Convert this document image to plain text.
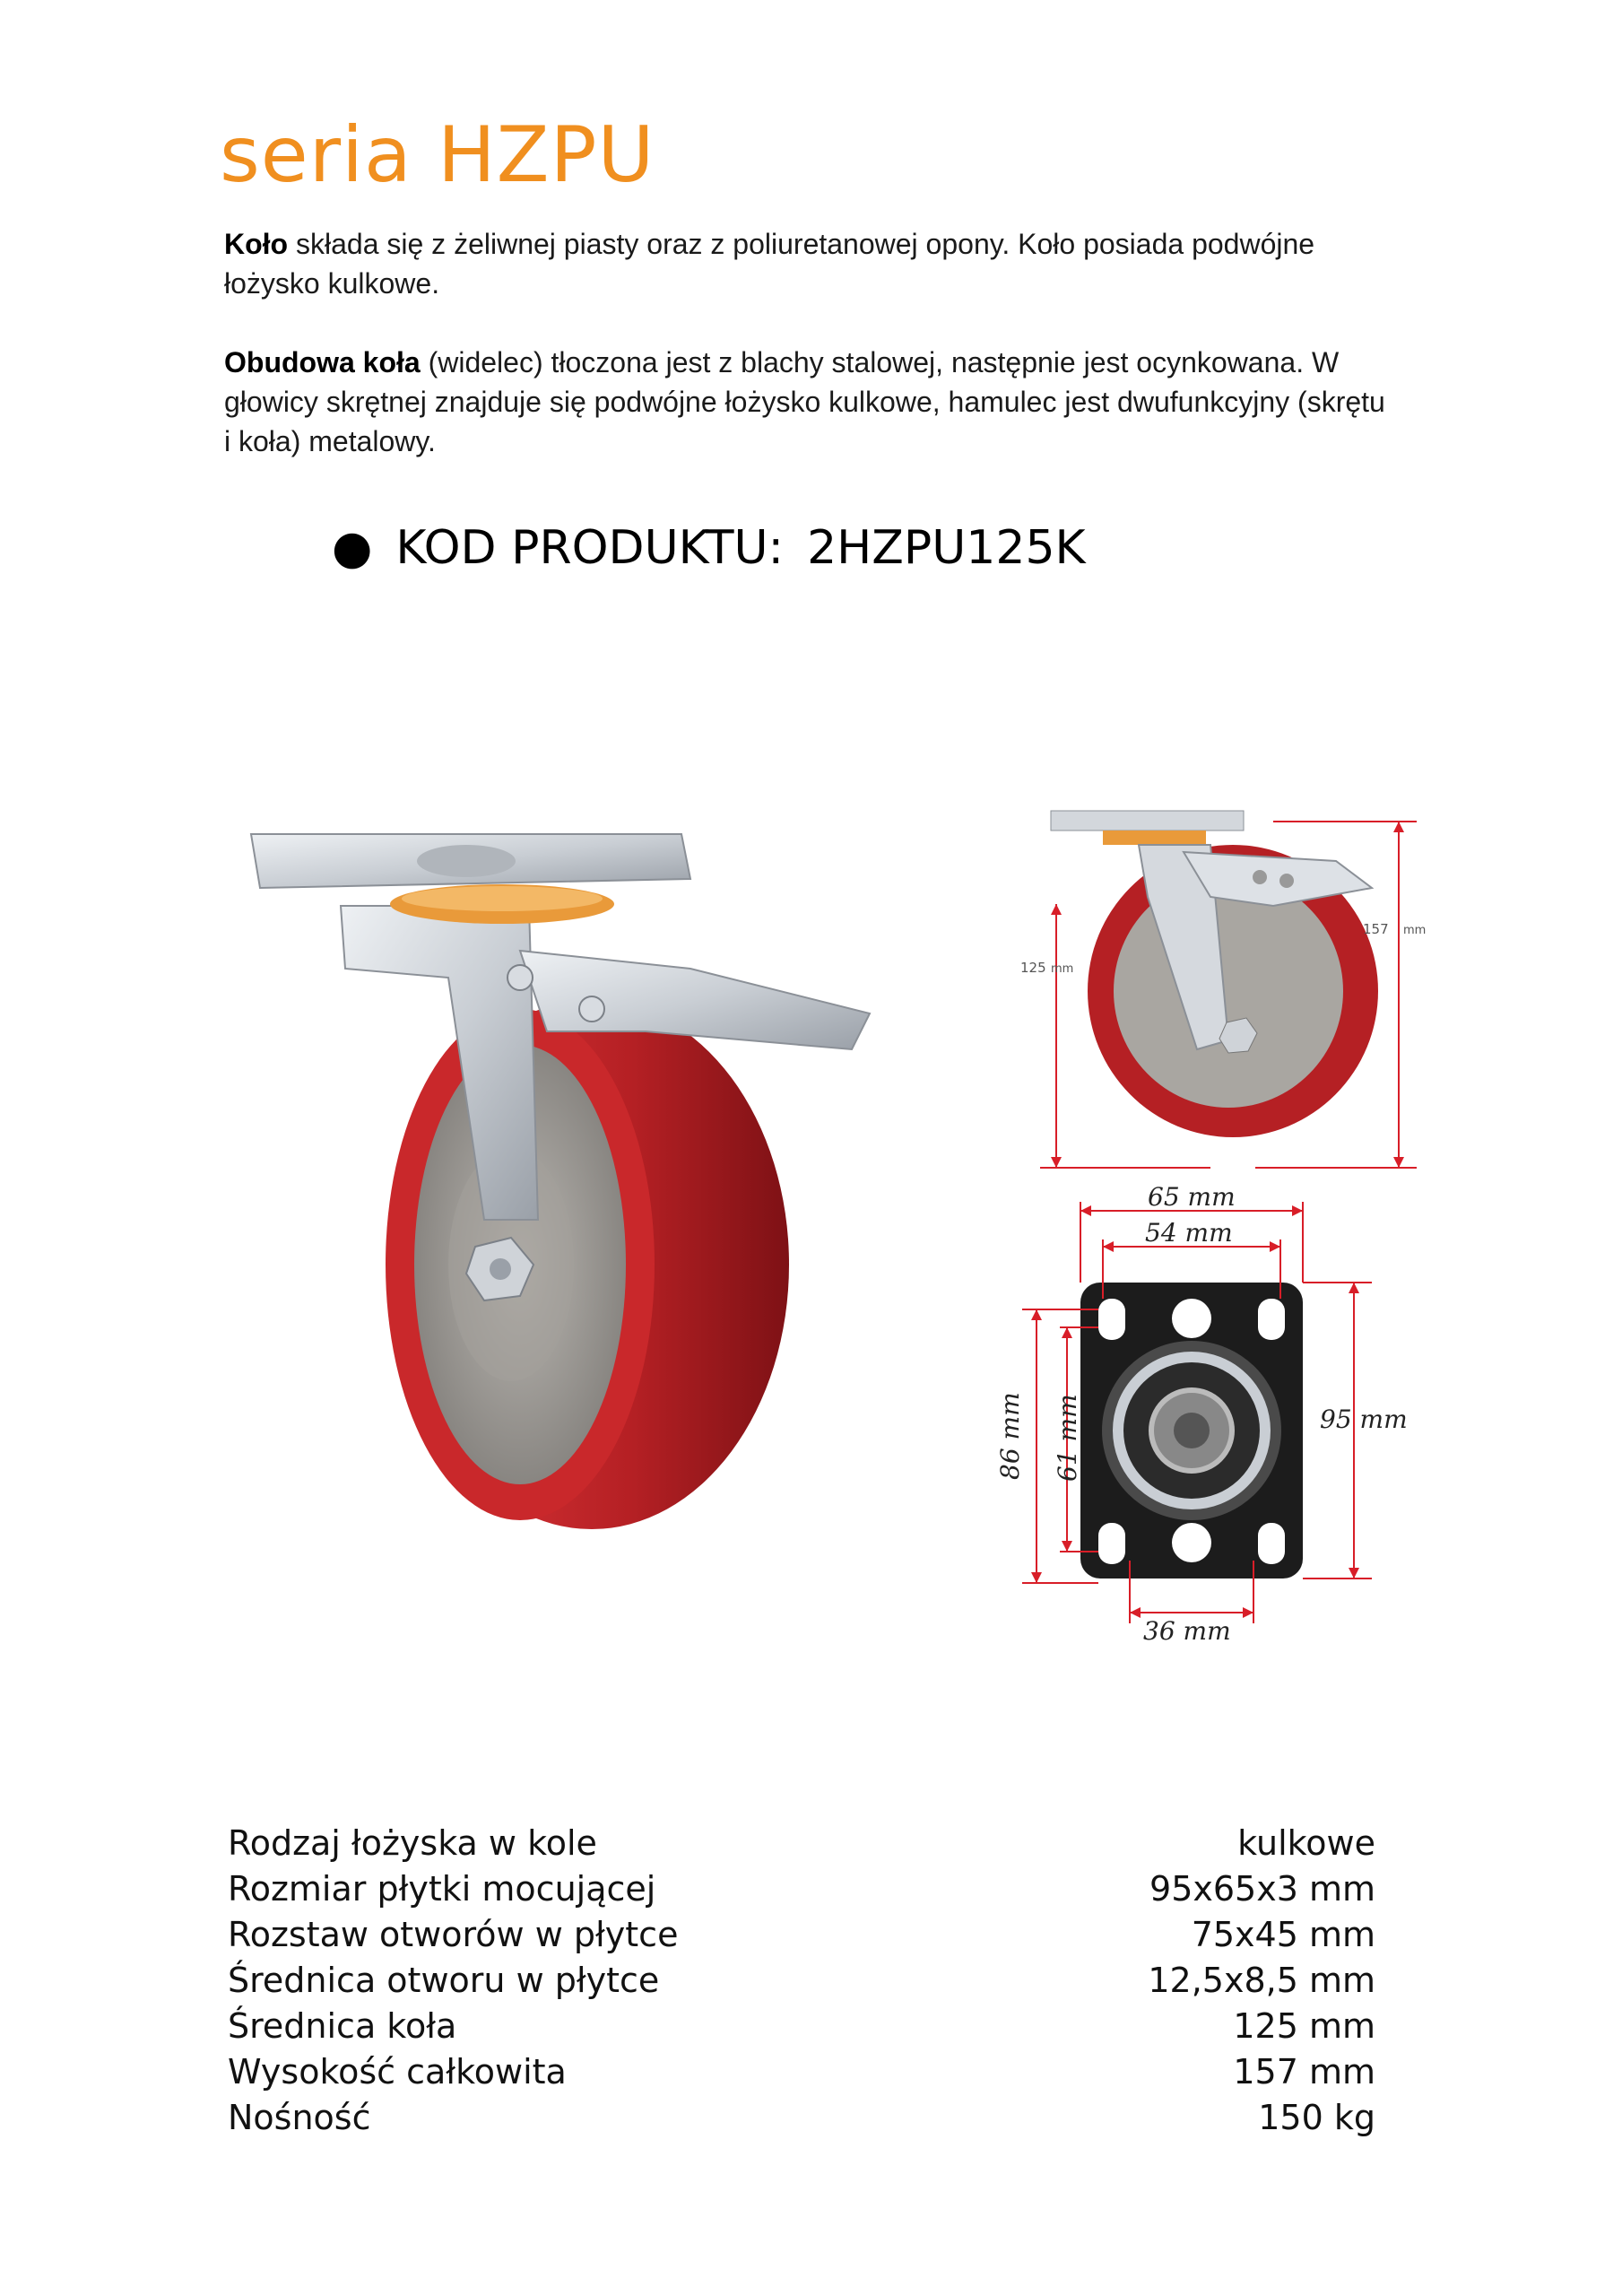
seria HZPU
Koło składa się z żeliwnej piasty oraz z poliuretanowej opony. Koło posiada podwójne łożysko kulkowe.
Obudowa koła (widelec) tłoczona jest z blachy stalowej, następnie jest ocynkowana. W głowicy skrętnej znajduje się podwójne łożysko kulkowe, hamulec jest dwufunkcyjny (skrętu i koła) metalowy.
● KOD PRODUKTU: 2HZPU125K
125 mm
157 mm
65 mm
54 mm
95 mm
86 mm 61 mm
36 mm
Rodzaj łożyska w kole	kulkowe
Rozmiar płytki mocującej	95x65x3 mm
Rozstaw otworów w płytce	75x45 mm
Średnica otworu w płytce	12,5x8,5 mm
Średnica koła	125 mm
Wysokość całkowita	157 mm
Nośność	150 kg
